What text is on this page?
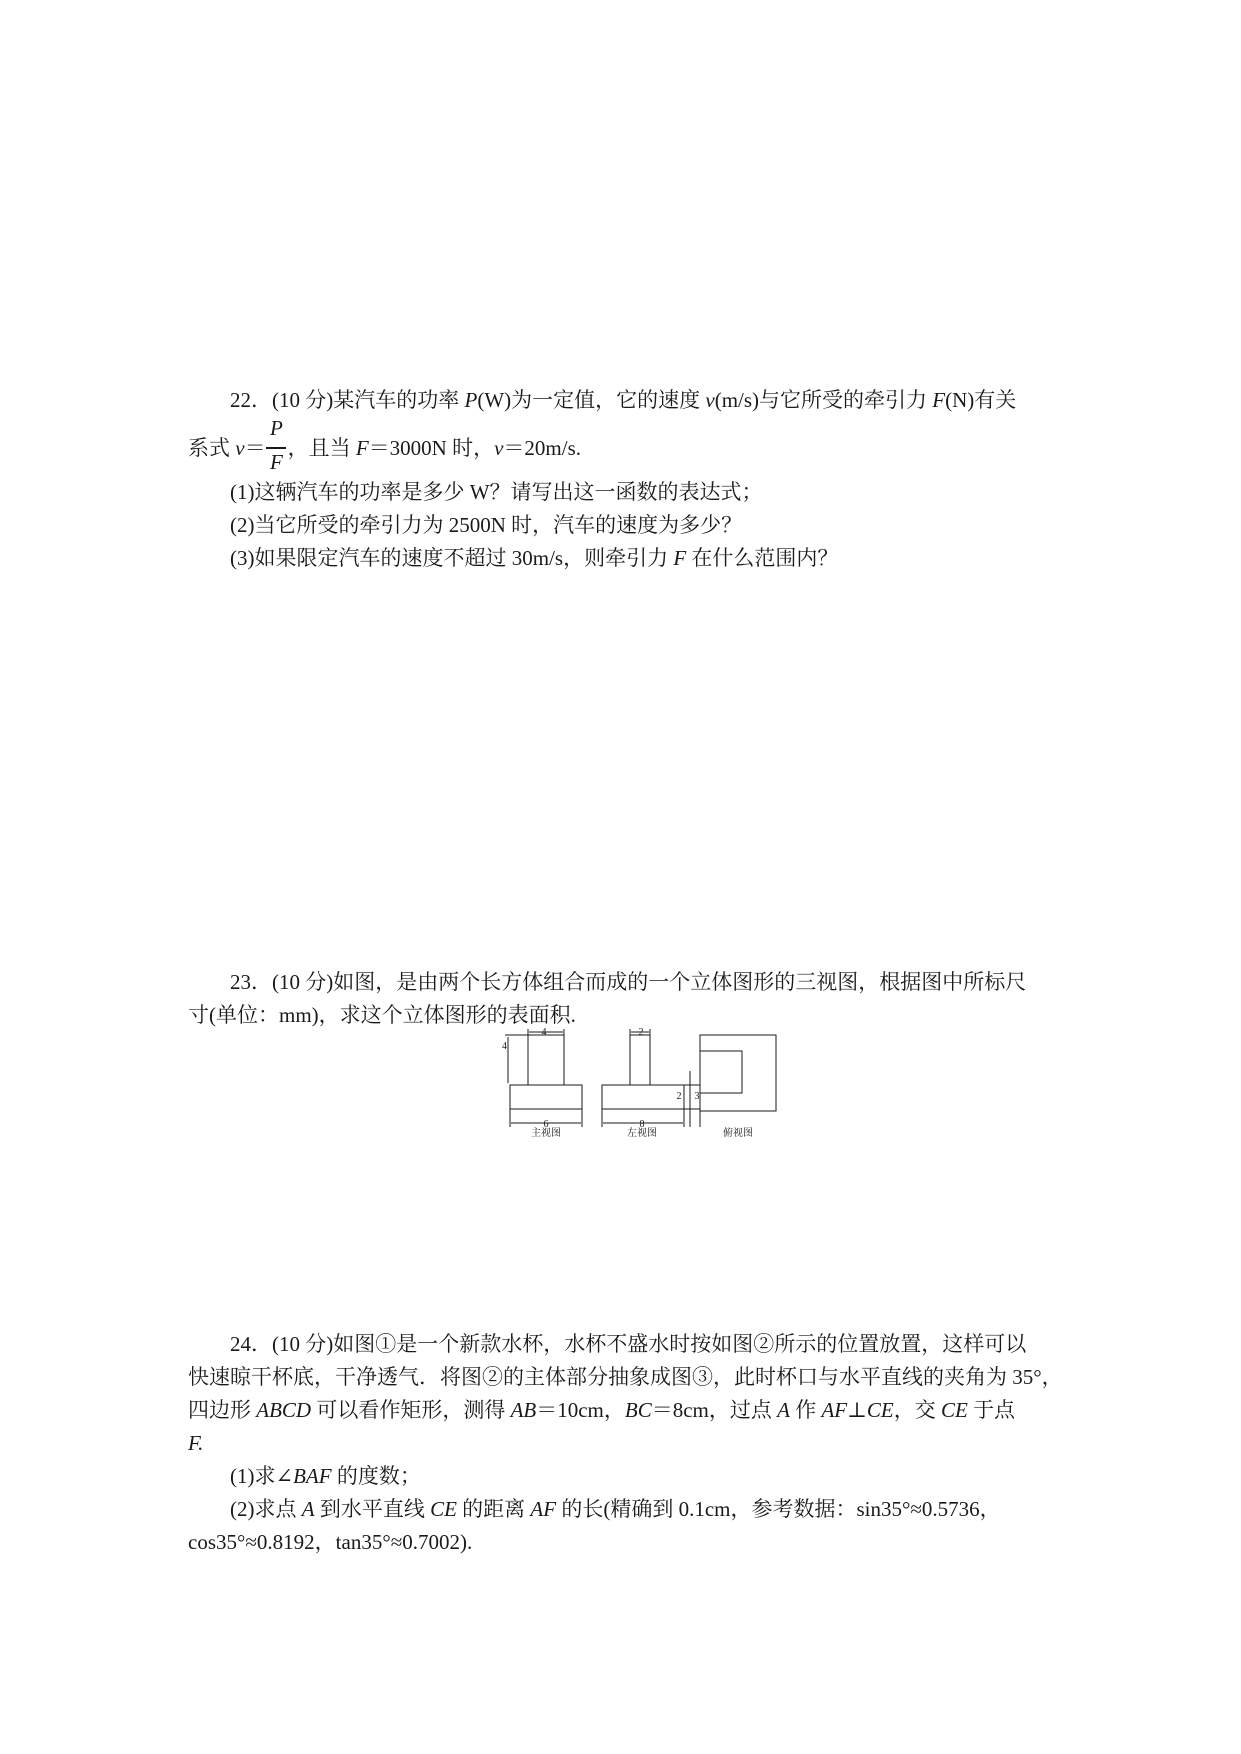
22．(10 分)某汽车的功率 P(W)为一定值，它的速度 v(m/s)与它所受的牵引力 F(N)有关
系式 v＝ ，且当 F＝3000N 时，v＝20m/s.
P
F
(1)这辆汽车的功率是多少 W？请写出这一函数的表达式；
(2)当它所受的牵引力为 2500N 时，汽车的速度为多少？
(3)如果限定汽车的速度不超过 30m/s，则牵引力 F 在什么范围内？
23．(10 分)如图，是由两个长方体组合而成的一个立体图形的三视图，根据图中所标尺
寸(单位：mm)，求这个立体图形的表面积.
4
4
6
2
8
2 3
主视图	左视图	俯视图
24．(10 分)如图①是一个新款水杯，水杯不盛水时按如图②所示的位置放置，这样可以
快速晾干杯底，干净透气．将图②的主体部分抽象成图③，此时杯口与水平直线的夹角为 35°，
四边形 ABCD 可以看作矩形，测得 AB＝10cm，BC＝8cm，过点 A 作 AF⊥CE，交 CE 于点
F.
(1)求∠BAF 的度数；
(2)求点 A 到水平直线 CE 的距离 AF 的长(精确到 0.1cm，参考数据：sin35°≈0.5736，
cos35°≈0.8192，tan35°≈0.7002).
